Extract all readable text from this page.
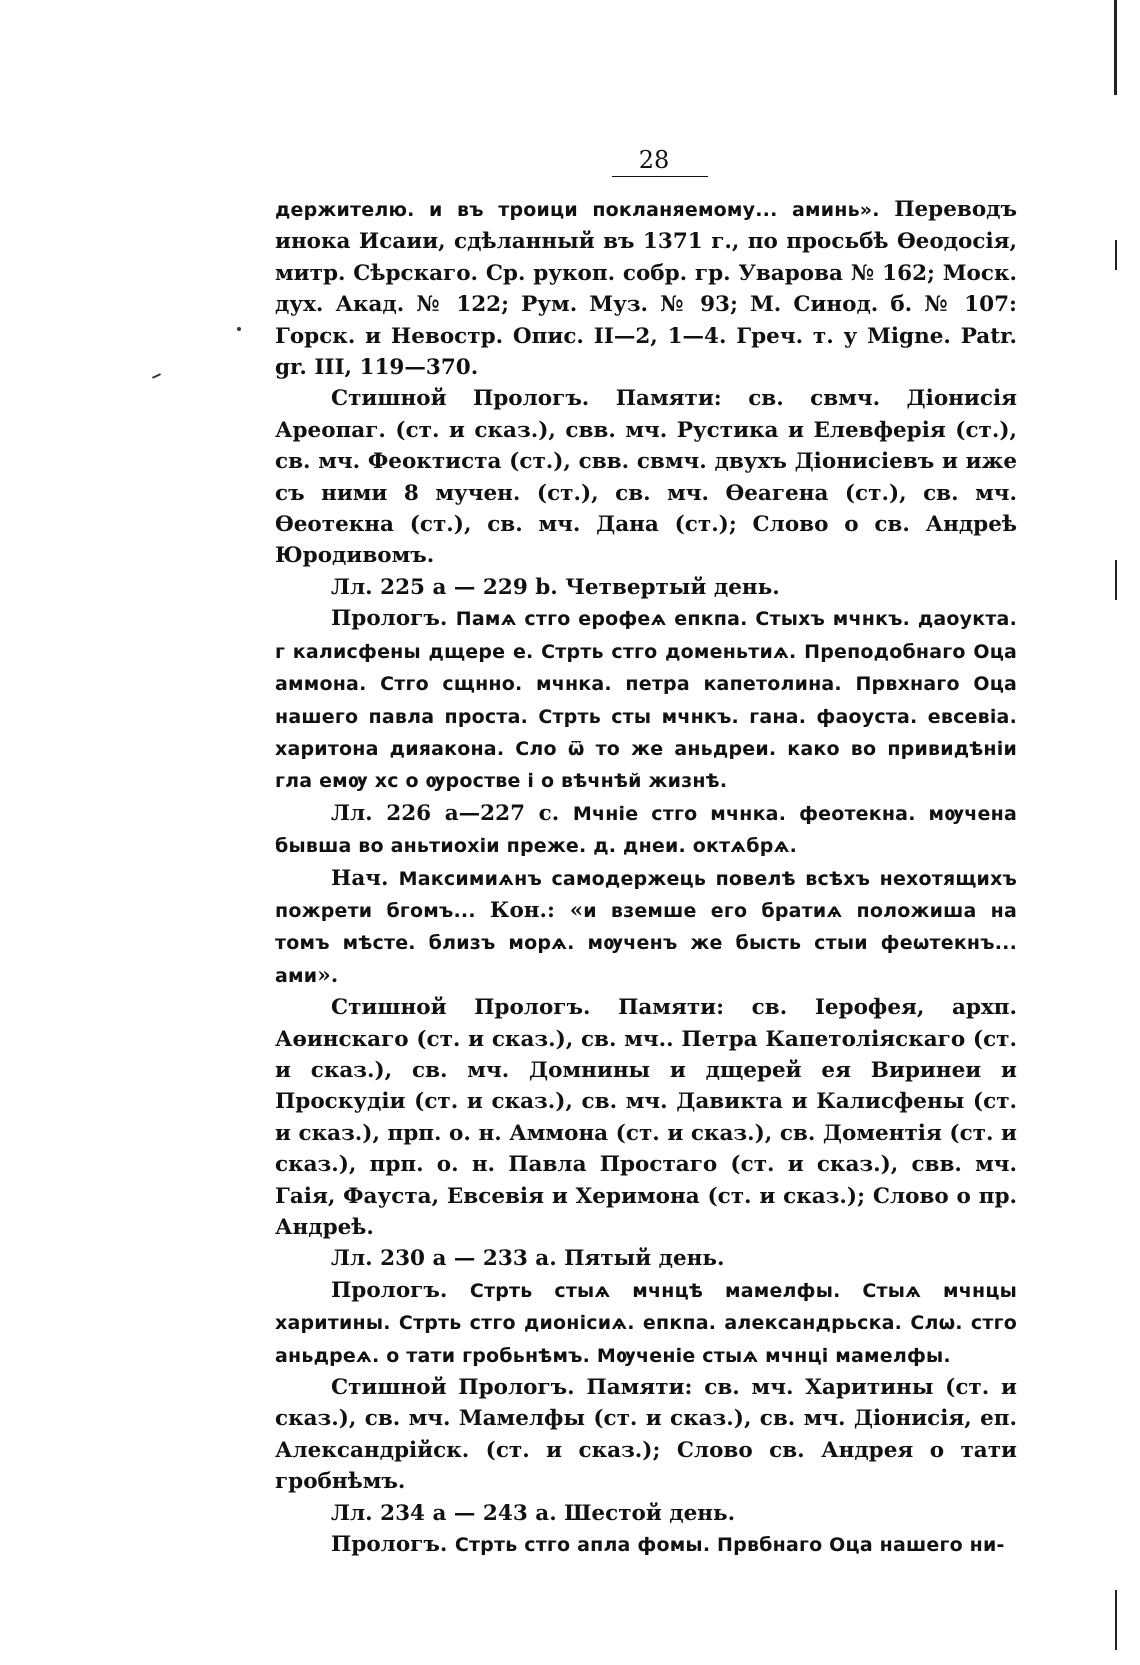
28

держителю. и въ троици покланяемому... аминь». Переводъ инока Исаии, сдѣланный въ 1371 г., по просьбѣ Өеодосія, митр. Сѣрскаго. Ср. рукоп. собр. гр. Уварова № 162; Моск. дух. Акад. № 122; Рум. Муз. № 93; М. Синод. б. № 107: Горск. и Невостр. Опис. II—2, 1—4. Греч. т. у Migne. Patr. gr. III, 119—370.

Стишной Прологъ. Памяти: св. свмч. Діонисія Ареопаг. (ст. и сказ.), свв. мч. Рустика и Елевферія (ст.), св. мч. Феоктиста (ст.), свв. свмч. двухъ Діонисіевъ и иже съ ними 8 мучен. (ст.), св. мч. Өеагена (ст.), св. мч. Өеотекна (ст.), св. мч. Дана (ст.); Слово о св. Андреѣ Юродивомъ.

Лл. 225 a — 229 b. Четвертый день.

Прологъ. Памѧ стго ерофеѧ епкпа. Стыхъ мчнкъ. даоукта. г калисфены дщере е. Стрть стго доменьтиѧ. Преподобнаго Оца аммона. Стго сщнно. мчнка. петра капетолина. Првхнаго Оца нашего павла проста. Стрть сты мчнкъ. гана. фаоуста. евсевіа. харитона дияакона. Сло ѿ то же аньдреи. како во привидѣніи гла емѹ хс о ѹростве і о вѣчнѣй жизнѣ.

Лл. 226 a—227 c. Мчніе стго мчнка. феотекна. мѹчена бывша во аньтиохіи преже. д. днеи. октѧбрѧ.

Нач. Максимиѧнъ самодержець повелѣ всѣхъ нехотящихъ пожрети бгомъ... Кон.: «и вземше его братиѧ положиша на томъ мѣсте. близъ морѧ. мѹченъ же бысть стыи феѡтекнъ... ами».

Стишной Прологъ. Памяти: св. Іерофея, архп. Аөинскаго (ст. и сказ.), св. мч.. Петра Капетоліяскаго (ст. и сказ.), св. мч. Домнины и дщерей ея Виринеи и Проскудіи (ст. и сказ.), св. мч. Давикта и Калисфены (ст. и сказ.), прп. о. н. Аммона (ст. и сказ.), св. Доментія (ст. и сказ.), прп. о. н. Павла Простаго (ст. и сказ.), свв. мч. Гаія, Фауста, Евсевія и Херимона (ст. и сказ.); Слово о пр. Андреѣ.

Лл. 230 a — 233 a. Пятый день.

Прологъ. Стрть стыѧ мчнцѣ мамелфы. Стыѧ мчнцы харитины. Стрть стго дионісиѧ. епкпа. александрьска. Слѡ. стго аньдреѧ. о тати гробьнѣмъ. Мѹченіе стыѧ мчнці мамелфы.

Стишной Прологъ. Памяти: св. мч. Харитины (ст. и сказ.), св. мч. Мамелфы (ст. и сказ.), св. мч. Діонисія, еп. Александрійск. (ст. и сказ.); Слово св. Андрея о тати гробнѣмъ.

Лл. 234 a — 243 a. Шестой день.

Прологъ. Стрть стго апла фомы. Првбнаго Оца нашего ни-
